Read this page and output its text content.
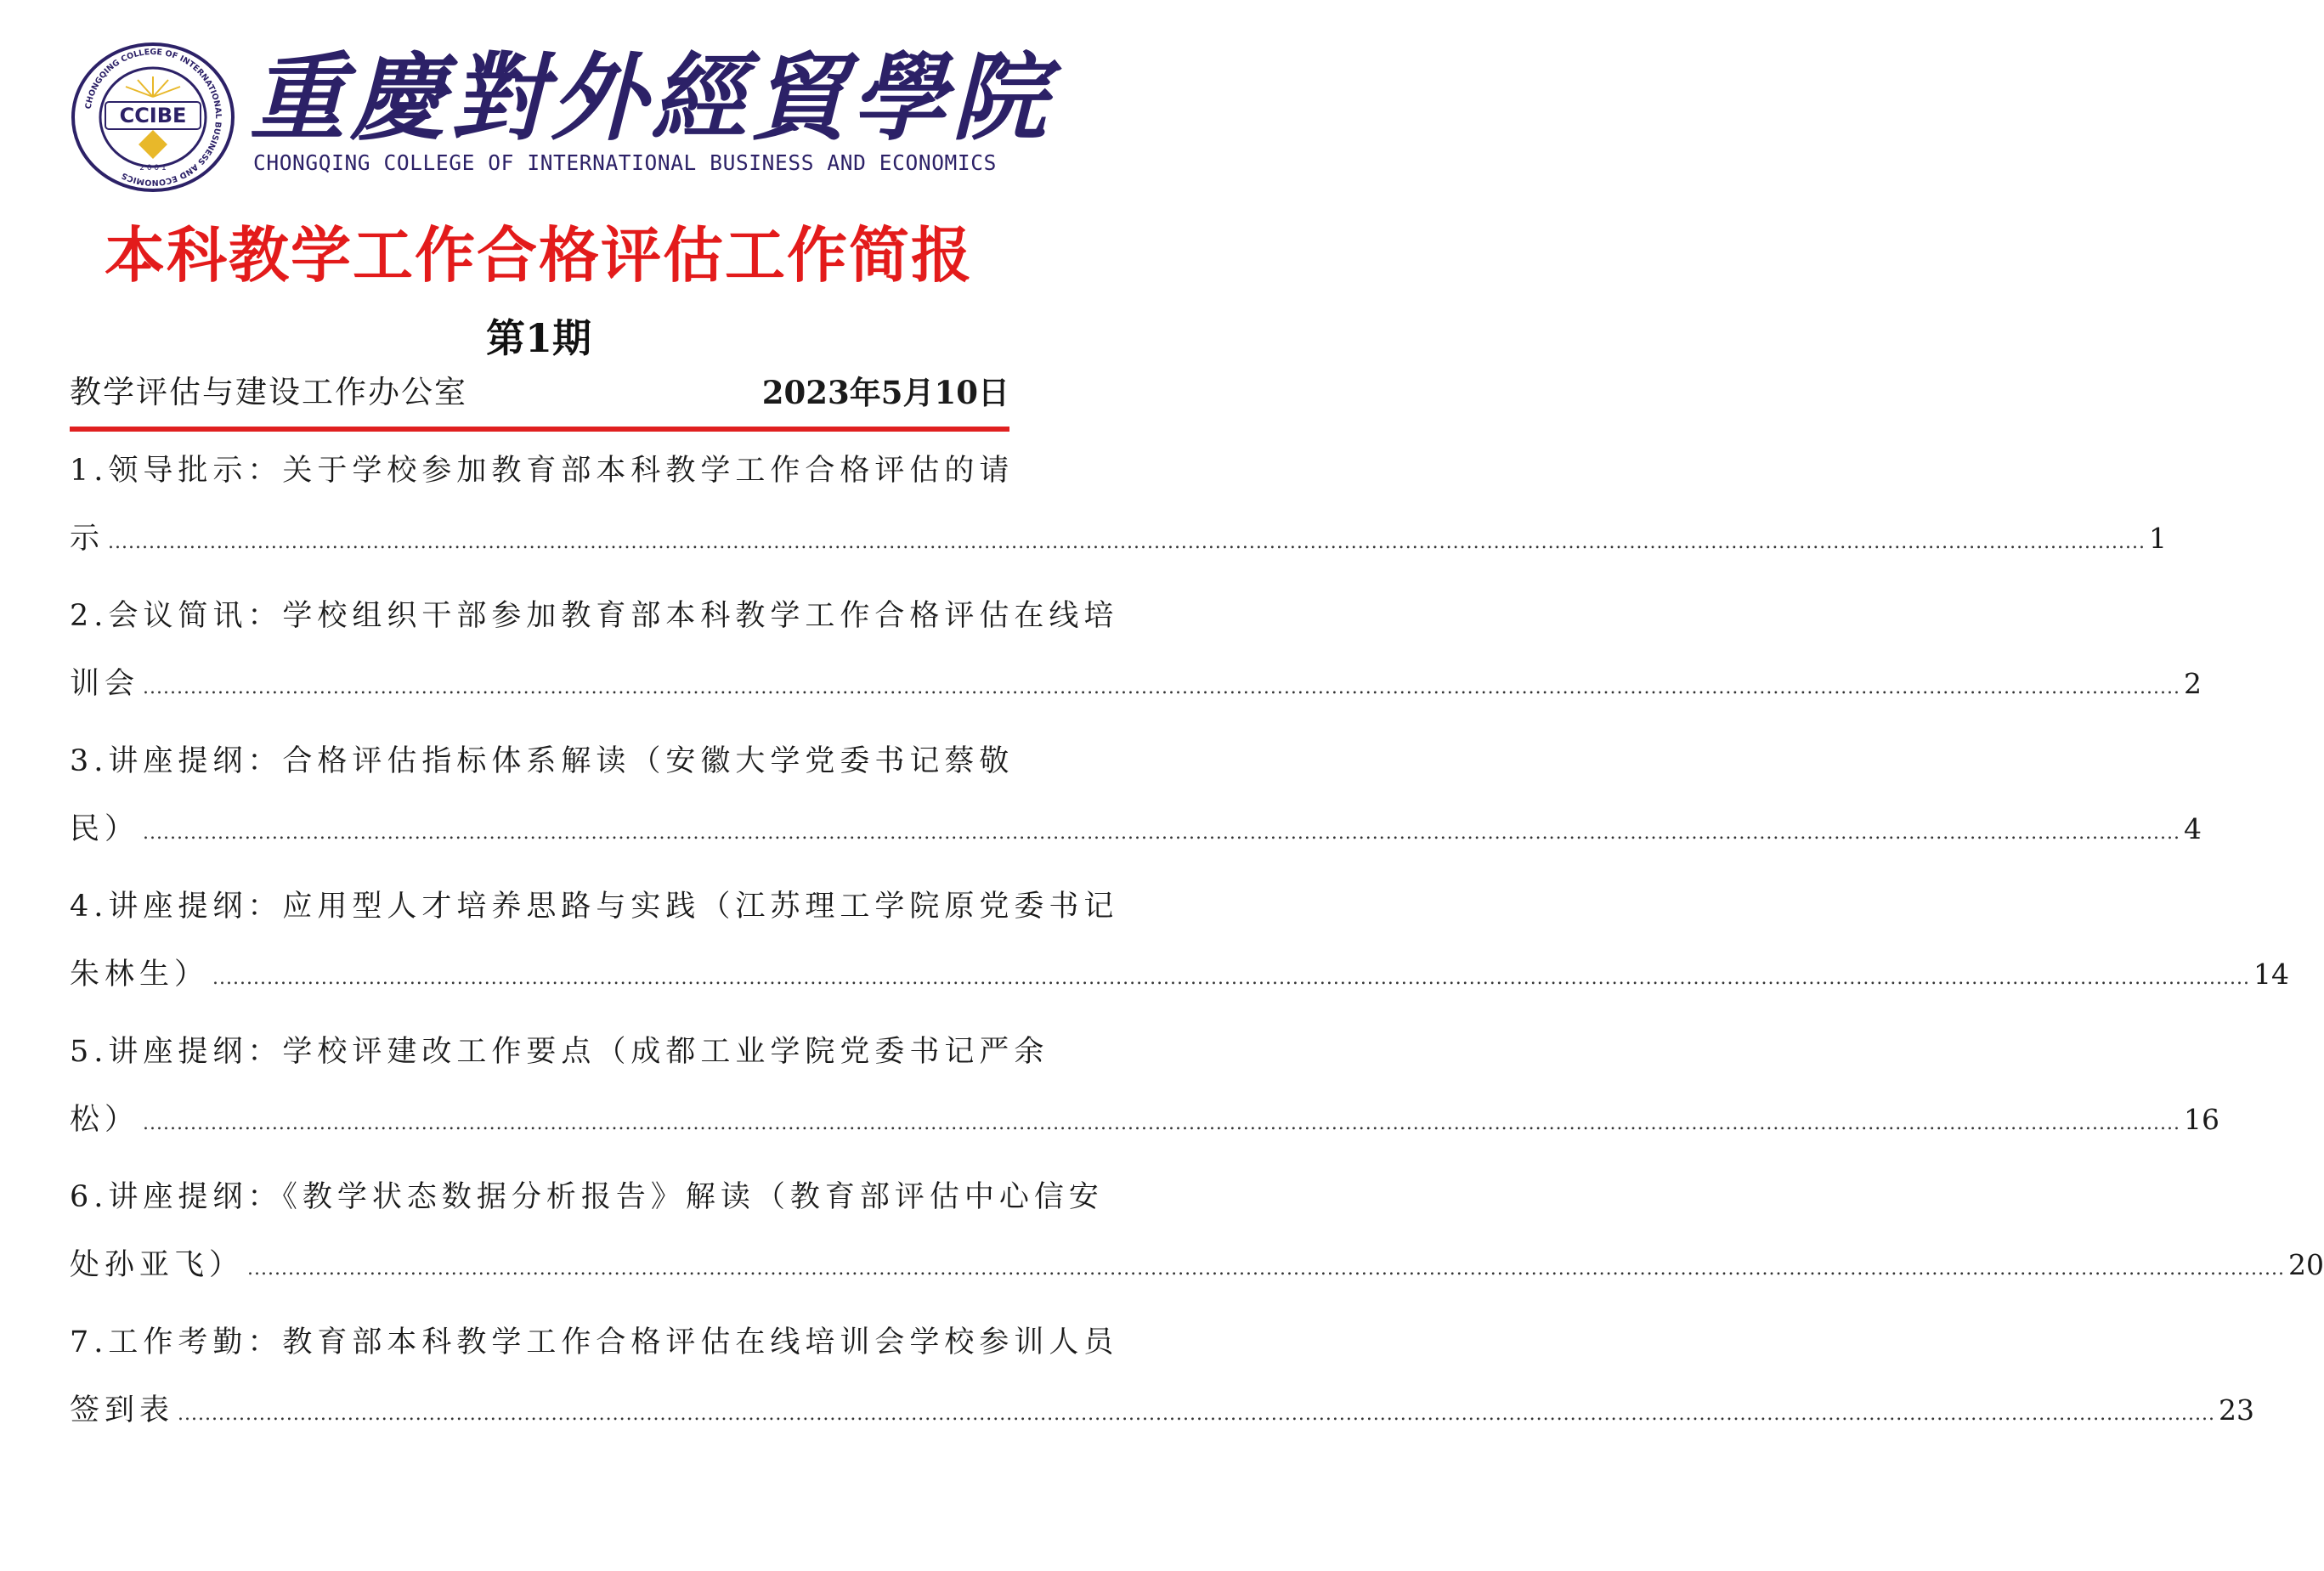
CHONGQING COLLEGE OF INTERNATIONAL BUSINESS AND ECONOMICS
CCIBE
2 0 0 1
重慶對外經貿學院
CHONGQING COLLEGE OF INTERNATIONAL BUSINESS AND ECONOMICS
本科教学工作合格评估工作简报
第1期
教学评估与建设工作办公室	2023年5月10日
1.领导批示：关于学校参加教育部本科教学工作合格评估的请
示 ............................................................................................................................................................................................................................................................................................................ 1
2.会议简讯：学校组织干部参加教育部本科教学工作合格评估在线培
训会 ............................................................................................................................................................................................................................................................................................................ 2
3.讲座提纲：合格评估指标体系解读（安徽大学党委书记蔡敬
民） ............................................................................................................................................................................................................................................................................................................ 4
4.讲座提纲：应用型人才培养思路与实践（江苏理工学院原党委书记
朱林生） ............................................................................................................................................................................................................................................................................................................ 14
5.讲座提纲：学校评建改工作要点（成都工业学院党委书记严余
松） ............................................................................................................................................................................................................................................................................................................ 16
6.讲座提纲：《教学状态数据分析报告》解读（教育部评估中心信安
处孙亚飞） ............................................................................................................................................................................................................................................................................................................ 20
7.工作考勤：教育部本科教学工作合格评估在线培训会学校参训人员
签到表 ............................................................................................................................................................................................................................................................................................................ 23
